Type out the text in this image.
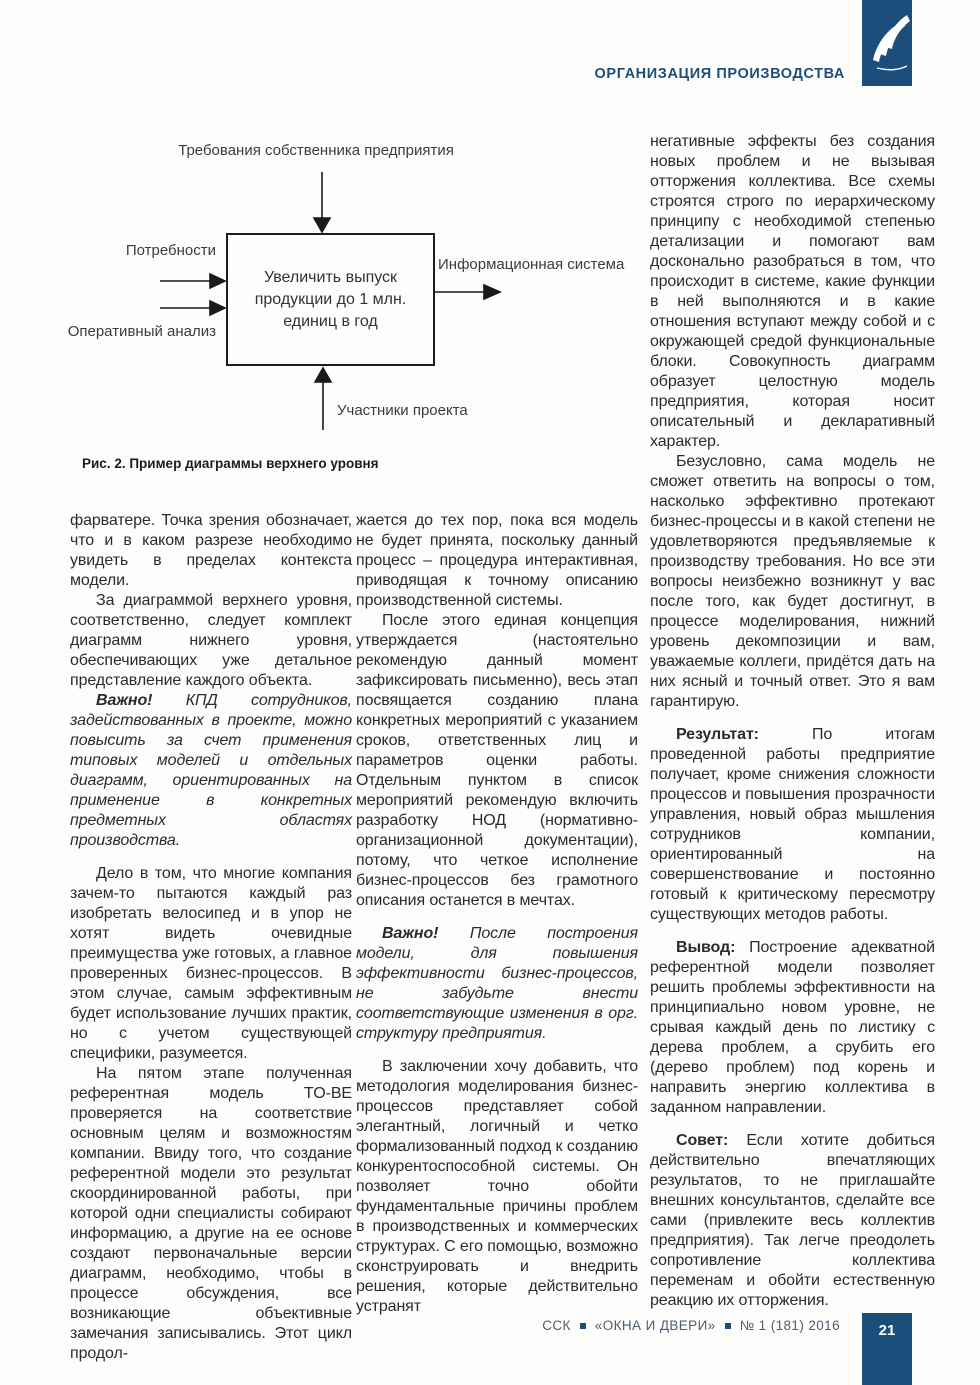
ОРГАНИЗАЦИЯ ПРОИЗВОДСТВА
Требования собственника предприятия
Потребности
Оперативный анализ
Информационная система
Участники проекта
Увеличить выпуск продукции до 1 млн. единиц в год
Рис. 2. Пример диаграммы верхнего уровня

фарватере. Точка зрения обозначает, что и в каком разрезе необходимо увидеть в пределах контекста модели.

За диаграммой верхнего уровня, соответственно, следует комплект диаграмм нижнего уровня, обеспечивающих уже детальное представление каждого объекта.

Важно! КПД сотрудников, задействованных в проекте, можно повысить за счет применения типовых моделей и отдельных диаграмм, ориентированных на применение в конкретных предметных областях производства.

Дело в том, что многие компания зачем-то пытаются каждый раз изобретать велосипед и в упор не хотят видеть очевидные преимущества уже готовых, а главное проверенных бизнес-процессов. В этом случае, самым эффективным будет использование лучших практик, но с учетом существующей специфики, разумеется.

На пятом этапе полученная референтная модель TO-BE проверяется на соответствие основным целям и возможностям компании. Ввиду того, что создание референтной модели это результат скоординированной работы, при которой одни специалисты собирают информацию, а другие на ее основе создают первоначальные версии диаграмм, необходимо, чтобы в процессе обсуждения, все возникающие объективные замечания записывались. Этот цикл продол-

жается до тех пор, пока вся модель не будет принята, поскольку данный процесс – процедура интерактивная, приводящая к точному описанию производственной системы.

После этого единая концепция утверждается (настоятельно рекомендую данный момент зафиксировать письменно), весь этап посвящается созданию плана конкретных мероприятий с указанием сроков, ответственных лиц и параметров оценки работы. Отдельным пунктом в список мероприятий рекомендую включить разработку НОД (нормативно-организационной документации), потому, что четкое исполнение бизнес-процессов без грамотного описания останется в мечтах.

Важно! После построения модели, для повышения эффективности бизнес-процессов, не забудьте внести соответствующие изменения в орг. структуру предприятия.

В заключении хочу добавить, что методология моделирования бизнес-процессов представляет собой элегантный, логичный и четко формализованный подход к созданию конкурентоспособной системы. Он позволяет точно обойти фундаментальные причины проблем в производственных и коммерческих структурах. С его помощью, возможно сконструировать и внедрить решения, которые действительно устранят

негативные эффекты без создания новых проблем и не вызывая отторжения коллектива. Все схемы строятся строго по иерархическому принципу с необходимой степенью детализации и помогают вам досконально разобраться в том, что происходит в системе, какие функции в ней выполняются и в какие отношения вступают между собой и с окружающей средой функциональные блоки. Совокупность диаграмм образует целостную модель предприятия, которая носит описательный и декларативный характер.

Безусловно, сама модель не сможет ответить на вопросы о том, насколько эффективно протекают бизнес-процессы и в какой степени не удовлетворяются предъявляемые к производству требования. Но все эти вопросы неизбежно возникнут у вас после того, как будет достигнут, в процессе моделирования, нижний уровень декомпозиции и вам, уважаемые коллеги, придётся дать на них ясный и точный ответ. Это я вам гарантирую.

Результат: По итогам проведенной работы предприятие получает, кроме снижения сложности процессов и повышения прозрачности управления, новый образ мышления сотрудников компании, ориентированный на совершенствование и постоянно готовый к критическому пересмотру существующих методов работы.

Вывод: Построение адекватной референтной модели позволяет решить проблемы эффективности на принципиально новом уровне, не срывая каждый день по листику с дерева проблем, а срубить его (дерево проблем) под корень и направить энергию коллектива в заданном направлении.

Совет: Если хотите добиться действительно впечатляющих результатов, то не приглашайте внешних консультантов, сделайте все сами (привлеките весь коллектив предприятия). Так легче преодолеть сопротивление коллектива переменам и обойти естественную реакцию их отторжения.

ССК «ОКНА И ДВЕРИ» № 1 (181) 2016	21
